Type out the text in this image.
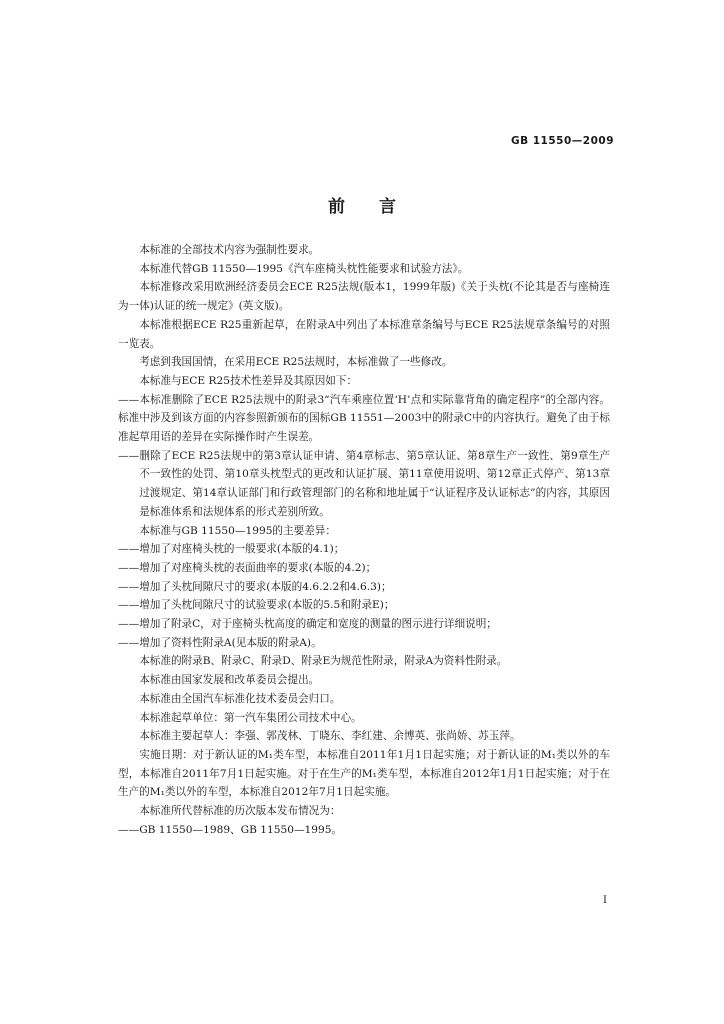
GB 11550—2009
前言

本标准的全部技术内容为强制性要求。

本标准代替GB 11550—1995《汽车座椅头枕性能要求和试验方法》。

本标准修改采用欧洲经济委员会ECE R25法规(版本1，1999年版)《关于头枕(不论其是否与座椅连为一体)认证的统一规定》(英文版)。

本标准根据ECE R25重新起草，在附录A中列出了本标准章条编号与ECE R25法规章条编号的对照一览表。

考虑到我国国情，在采用ECE R25法规时，本标准做了一些修改。

本标准与ECE R25技术性差异及其原因如下：

——本标准删除了ECE R25法规中的附录3“汽车乘座位置‘H’点和实际靠背角的确定程序”的全部内容。标准中涉及到该方面的内容参照新颁布的国标GB 11551—2003中的附录C中的内容执行。避免了由于标准起草用语的差异在实际操作时产生误差。

——删除了ECE R25法规中的第3章认证申请、第4章标志、第5章认证、第8章生产一致性、第9章生产不一致性的处罚、第10章头枕型式的更改和认证扩展、第11章使用说明、第12章正式停产、第13章过渡规定、第14章认证部门和行政管理部门的名称和地址属于“认证程序及认证标志”的内容，其原因是标准体系和法规体系的形式差别所致。

本标准与GB 11550—1995的主要差异：

——增加了对座椅头枕的一般要求(本版的4.1)；

——增加了对座椅头枕的表面曲率的要求(本版的4.2)；

——增加了头枕间隙尺寸的要求(本版的4.6.2.2和4.6.3)；

——增加了头枕间隙尺寸的试验要求(本版的5.5和附录E)；

——增加了附录C，对于座椅头枕高度的确定和宽度的测量的图示进行详细说明；

——增加了资料性附录A(见本版的附录A)。

本标准的附录B、附录C、附录D、附录E为规范性附录，附录A为资料性附录。

本标准由国家发展和改革委员会提出。

本标准由全国汽车标准化技术委员会归口。

本标准起草单位：第一汽车集团公司技术中心。

本标准主要起草人：李强、郭茂林、丁晓东、李红建、余博英、张尚娇、苏玉萍。

实施日期：对于新认证的M₁类车型，本标准自2011年1月1日起实施；对于新认证的M₁类以外的车型，本标准自2011年7月1日起实施。对于在生产的M₁类车型，本标准自2012年1月1日起实施；对于在生产的M₁类以外的车型，本标准自2012年7月1日起实施。

本标准所代替标准的历次版本发布情况为：

——GB 11550—1989、GB 11550—1995。

I
